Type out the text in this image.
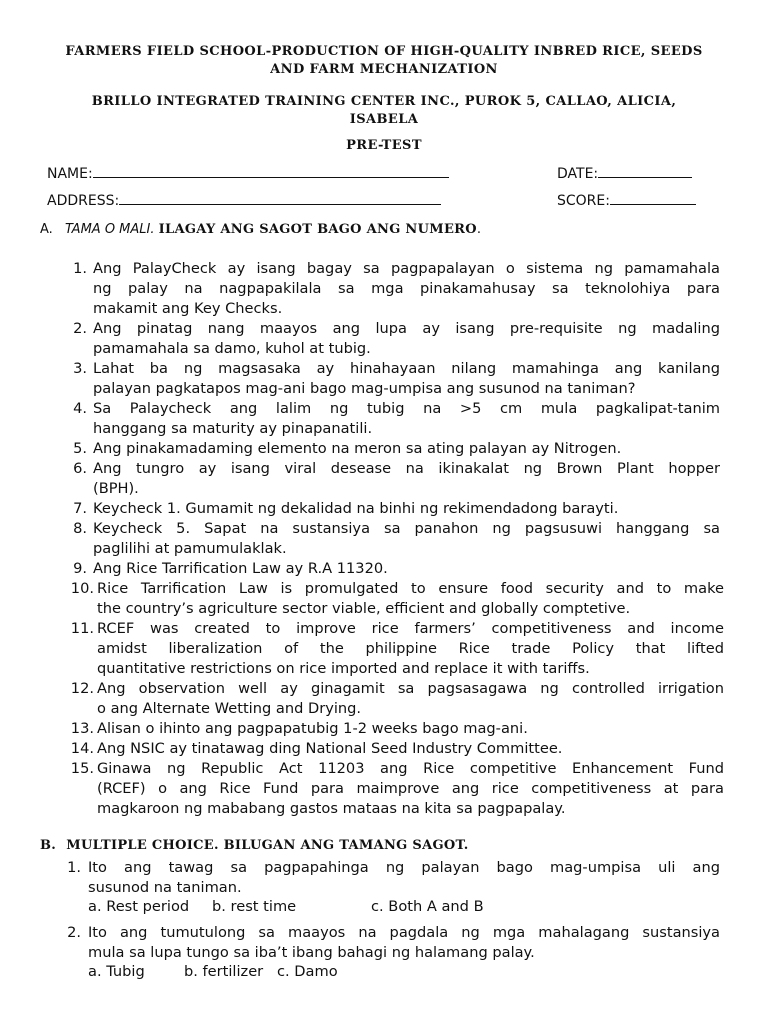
FARMERS FIELD SCHOOL-PRODUCTION OF HIGH-QUALITY INBRED RICE, SEEDS
AND FARM MECHANIZATION
BRILLO INTEGRATED TRAINING CENTER INC., PUROK 5, CALLAO, ALICIA,
ISABELA
PRE-TEST
NAME:	DATE:
ADDRESS:	SCORE:
A. TAMA O MALI. ILAGAY ANG SAGOT BAGO ANG NUMERO.
1. Ang PalayCheck ay isang bagay sa pagpapalayan o sistema ng pamamahala
ng palay na nagpapakilala sa mga pinakamahusay sa teknolohiya para
makamit ang Key Checks.
2. Ang pinatag nang maayos ang lupa ay isang pre-requisite ng madaling
pamamahala sa damo, kuhol at tubig.
3. Lahat ba ng magsasaka ay hinahayaan nilang mamahinga ang kanilang
palayan pagkatapos mag-ani bago mag-umpisa ang susunod na taniman?
4. Sa Palaycheck ang lalim ng tubig na >5 cm mula pagkalipat-tanim
hanggang sa maturity ay pinapanatili.
5. Ang pinakamadaming elemento na meron sa ating palayan ay Nitrogen.
6. Ang tungro ay isang viral desease na ikinakalat ng Brown Plant hopper
(BPH).
7. Keycheck 1. Gumamit ng dekalidad na binhi ng rekimendadong barayti.
8. Keycheck 5. Sapat na sustansiya sa panahon ng pagsusuwi hanggang sa
paglilihi at pamumulaklak.
9. Ang Rice Tarrification Law ay R.A 11320.
10. Rice Tarrification Law is promulgated to ensure food security and to make
the country’s agriculture sector viable, efficient and globally comptetive.
11. RCEF was created to improve rice farmers’ competitiveness and income
amidst liberalization of the philippine Rice trade Policy that lifted
quantitative restrictions on rice imported and replace it with tariffs.
12. Ang observation well ay ginagamit sa pagsasagawa ng controlled irrigation
o ang Alternate Wetting and Drying.
13. Alisan o ihinto ang pagpapatubig 1-2 weeks bago mag-ani.
14. Ang NSIC ay tinatawag ding National Seed Industry Committee.
15. Ginawa ng Republic Act 11203 ang Rice competitive Enhancement Fund
(RCEF) o ang Rice Fund para maimprove ang rice competitiveness at para
magkaroon ng mababang gastos mataas na kita sa pagpapalay.
B. MULTIPLE CHOICE. BILUGAN ANG TAMANG SAGOT.
1. Ito ang tawag sa pagpapahinga ng palayan bago mag-umpisa uli ang
susunod na taniman.
a. Rest period b. rest time	c. Both A and B
2. Ito ang tumutulong sa maayos na pagdala ng mga mahalagang sustansiya
mula sa lupa tungo sa iba’t ibang bahagi ng halamang palay.
a. Tubig	b. fertilizer c. Damo
